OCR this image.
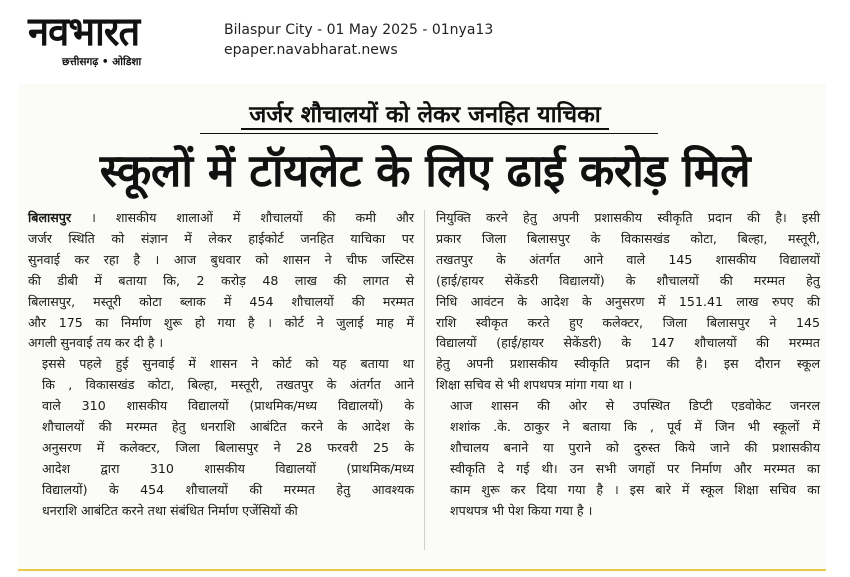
नवभारत
छत्तीसगढ़ • ओडिशा
Bilaspur City - 01 May 2025 - 01nya13
epaper.navabharat.news
जर्जर शौचालयों को लेकर जनहित याचिका
स्कूलों में टॉयलेट के लिए ढाई करोड़ मिले

बिलासपुर । शासकीय शालाओं में शौचालयों की कमी और
जर्जर स्थिति को संज्ञान में लेकर हाईकोर्ट जनहित याचिका पर
सुनवाई कर रहा है । आज बुधवार को शासन ने चीफ जस्टिस
की डीबी में बताया कि, 2 करोड़ 48 लाख की लागत से
बिलासपुर, मस्तूरी कोटा ब्लाक में 454 शौचालयों की मरम्मत
और 175 का निर्माण शुरू हो गया है । कोर्ट ने जुलाई माह में
अगली सुनवाई तय कर दी है ।

इससे पहले हुई सुनवाई में शासन ने कोर्ट को यह बताया था
कि , विकासखंड कोटा, बिल्हा, मस्तूरी, तखतपुर के अंतर्गत आने
वाले 310 शासकीय विद्यालयों (प्राथमिक/मध्य विद्यालयों) के
शौचालयों की मरम्मत हेतु धनराशि आबंटित करने के आदेश के
अनुसरण में कलेक्टर, जिला बिलासपुर ने 28 फरवरी 25 के
आदेश द्वारा 310 शासकीय विद्यालयों (प्राथमिक/मध्य
विद्यालयों) के 454 शौचालयों की मरम्मत हेतु आवश्यक
धनराशि आबंटित करने तथा संबंधित निर्माण एजेंसियों की

नियुक्ति करने हेतु अपनी प्रशासकीय स्वीकृति प्रदान की है। इसी
प्रकार जिला बिलासपुर के विकासखंड कोटा, बिल्हा, मस्तूरी,
तखतपुर के अंतर्गत आने वाले 145 शासकीय विद्यालयों
(हाई/हायर सेकेंडरी विद्यालयों) के शौचालयों की मरम्मत हेतु
निधि आवंटन के आदेश के अनुसरण में 151.41 लाख रुपए की
राशि स्वीकृत करते हुए कलेक्टर, जिला बिलासपुर ने 145
विद्यालयों (हाई/हायर सेकेंडरी) के 147 शौचालयों की मरम्मत
हेतु अपनी प्रशासकीय स्वीकृति प्रदान की है। इस दौरान स्कूल
शिक्षा सचिव से भी शपथपत्र मांगा गया था ।

आज शासन की ओर से उपस्थित डिप्टी एडवोकेट जनरल
शशांक .के. ठाकुर ने बताया कि , पूर्व में जिन भी स्कूलों में
शौचालय बनाने या पुराने को दुरुस्त किये जाने की प्रशासकीय
स्वीकृति दे गई थी। उन सभी जगहों पर निर्माण और मरम्मत का
काम शुरू कर दिया गया है । इस बारे में स्कूल शिक्षा सचिव का
शपथपत्र भी पेश किया गया है ।
